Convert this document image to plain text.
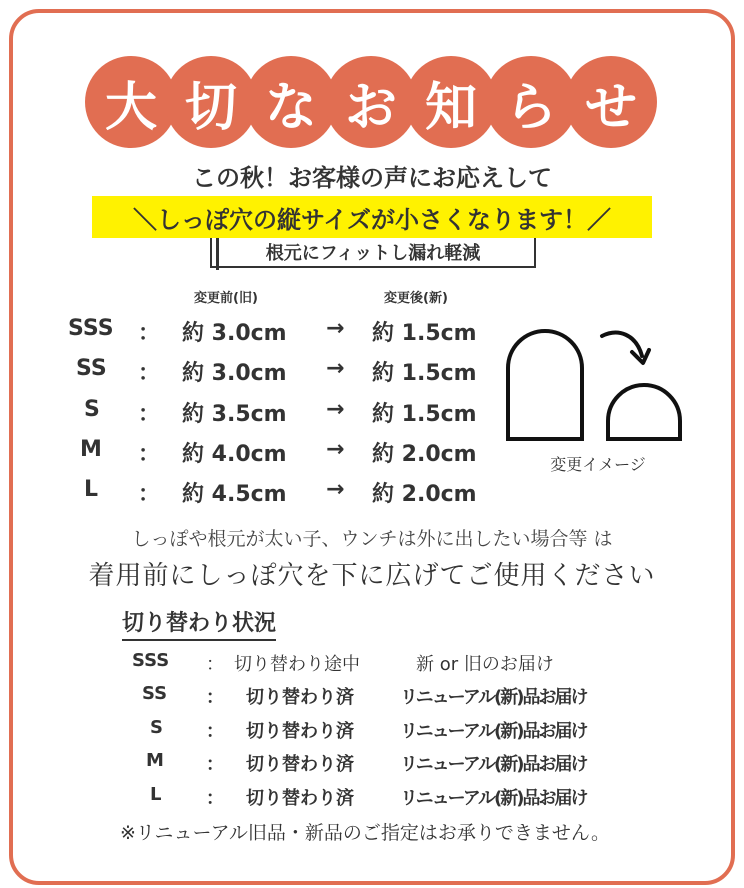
大 切 な お 知 ら せ
この秋！お客様の声にお応えして
＼しっぽ穴の縦サイズが小さくなります！／
根元にフィットし漏れ軽減
変更前(旧)	変更後(新)
SSS ： 約 3.0cm → 約 1.5cm
SS ： 約 3.0cm → 約 1.5cm
S ： 約 3.5cm → 約 1.5cm
M ： 約 4.0cm → 約 2.0cm
L ： 約 4.5cm → 約 2.0cm
変更イメージ
しっぽや根元が太い子、ウンチは外に出したい場合等 は
着用前にしっぽ穴を下に広げてご使用ください
切り替わり状況
SSS ： 切り替わり途中	新 or 旧のお届け
SS ： 切り替わり済	リニューアル(新)品お届け
S ： 切り替わり済	リニューアル(新)品お届け
M ： 切り替わり済	リニューアル(新)品お届け
L ： 切り替わり済	リニューアル(新)品お届け
※リニューアル旧品・新品のご指定はお承りできません。
